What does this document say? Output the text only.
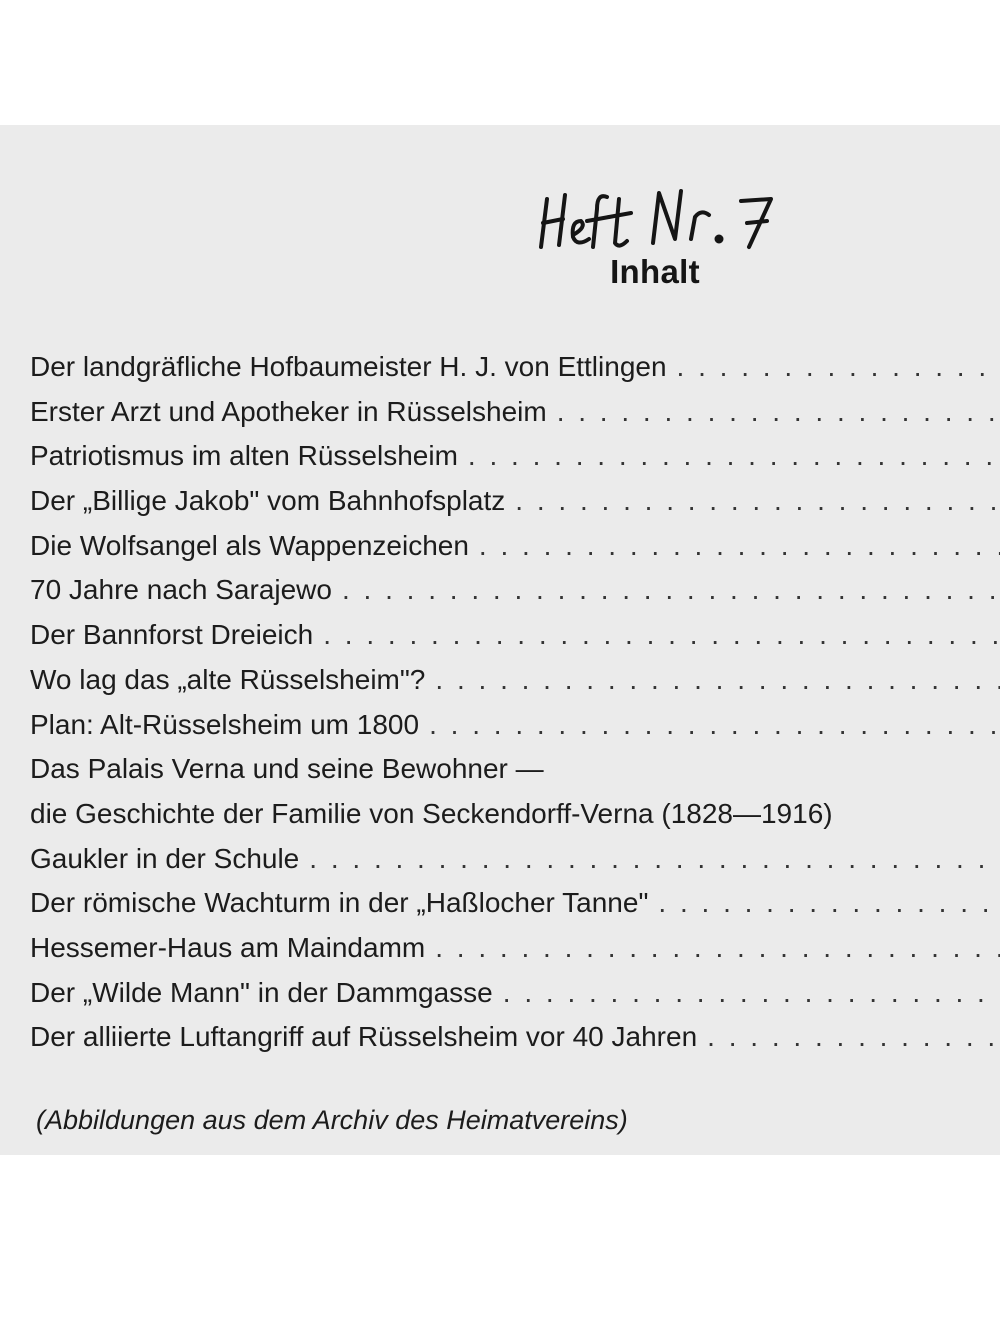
Inhalt
Der landgräfliche Hofbaumeister H. J. von Ettlingen
. . .
Erster Arzt und Apotheker in Rüsselsheim
. . .
Patriotismus im alten Rüsselsheim
. . .
Der „Billige Jakob" vom Bahnhofsplatz
. . .
Die Wolfsangel als Wappenzeichen
. . .
70 Jahre nach Sarajewo
. . .
Der Bannforst Dreieich
. . .
Wo lag das „alte Rüsselsheim"?
. . .
Plan: Alt-Rüsselsheim um 1800
. . .
Das Palais Verna und seine Bewohner —
die Geschichte der Familie von Seckendorff-Verna (1828—1916)
Gaukler in der Schule
. . .
Der römische Wachturm in der „Haßlocher Tanne"
. . .
Hessemer-Haus am Maindamm
. . .
Der „Wilde Mann" in der Dammgasse
. . .
Der alliierte Luftangriff auf Rüsselsheim vor 40 Jahren
. . .
(Abbildungen aus dem Archiv des Heimatvereins)
